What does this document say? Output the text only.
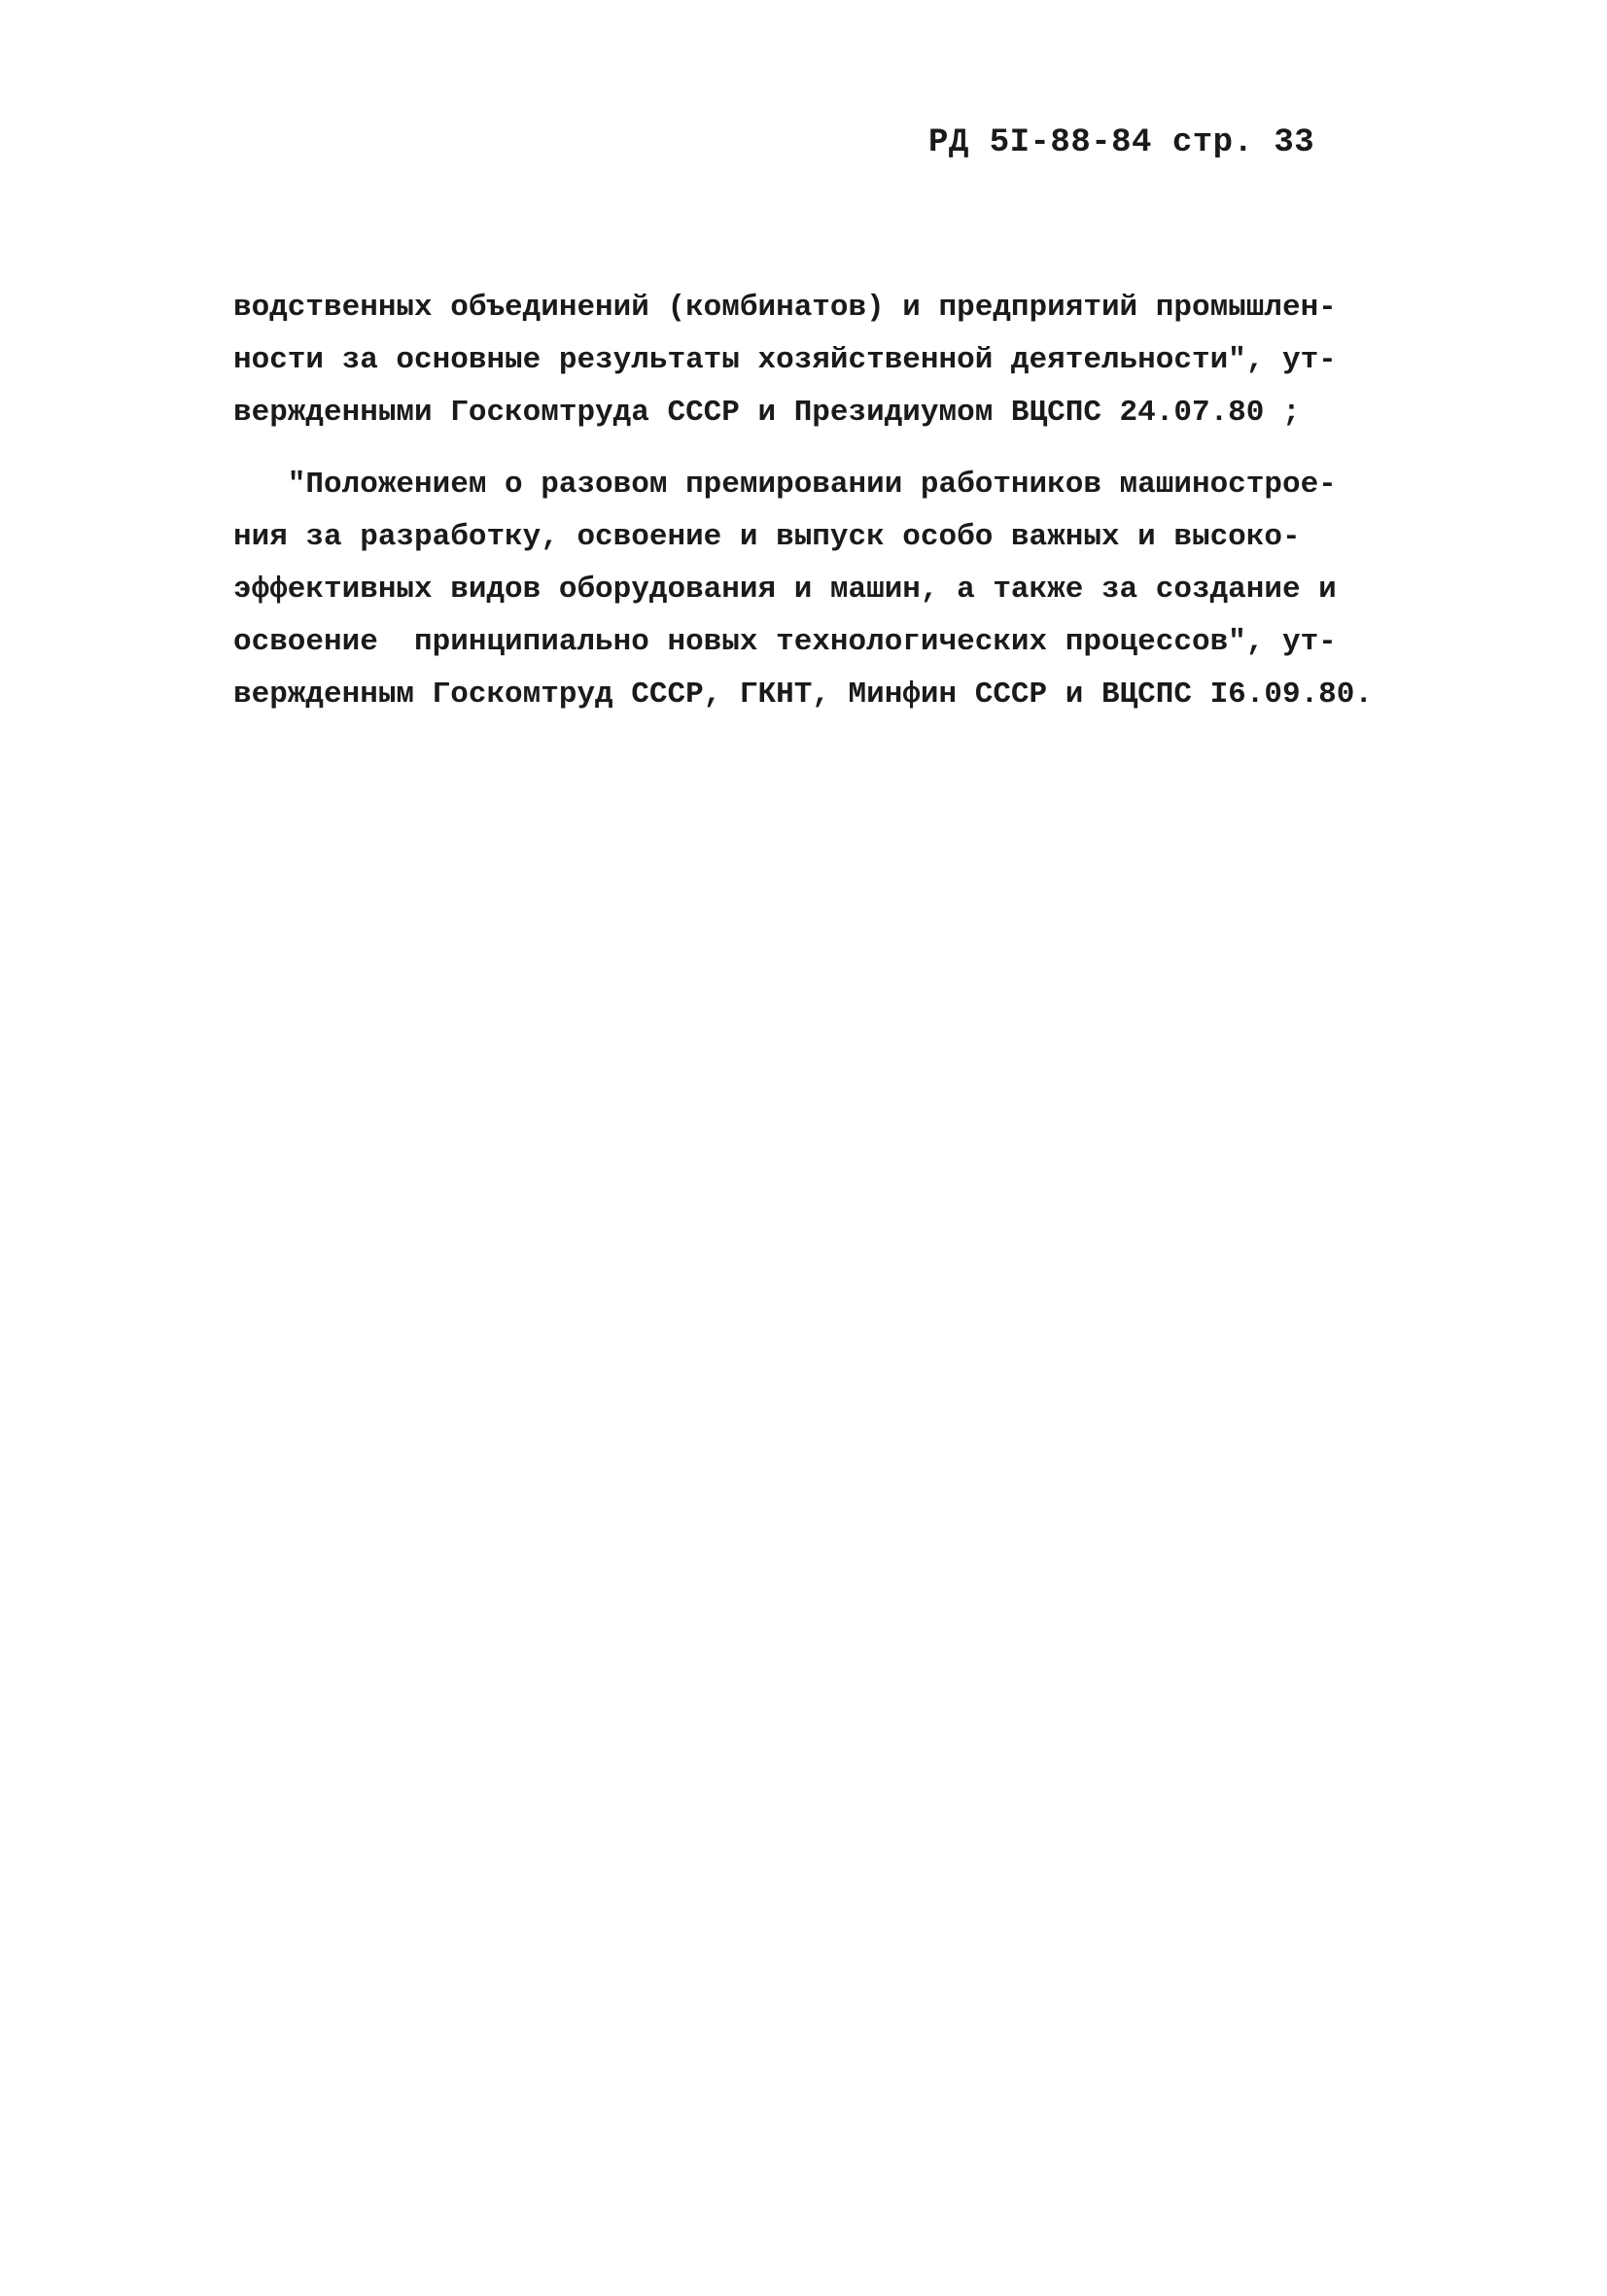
РД 5I-88-84 стр. 33
водственных объединений (комбинатов) и предприятий промышлен-
ности за основные результаты хозяйственной деятельности", ут-
вержденными Госкомтруда СССР и Президиумом ВЦСПС 24.07.80 ;
"Положением о разовом премировании работников машиностроe-
ния за разработку, освоение и выпуск особо важных и высоко-
эффективных видов оборудования и машин, а также за создание и
освоение  принципиально новых технологических процессов", ут-
вержденным Госкомтруд СССР, ГКНТ, Минфин СССР и ВЦСПС I6.09.80.
